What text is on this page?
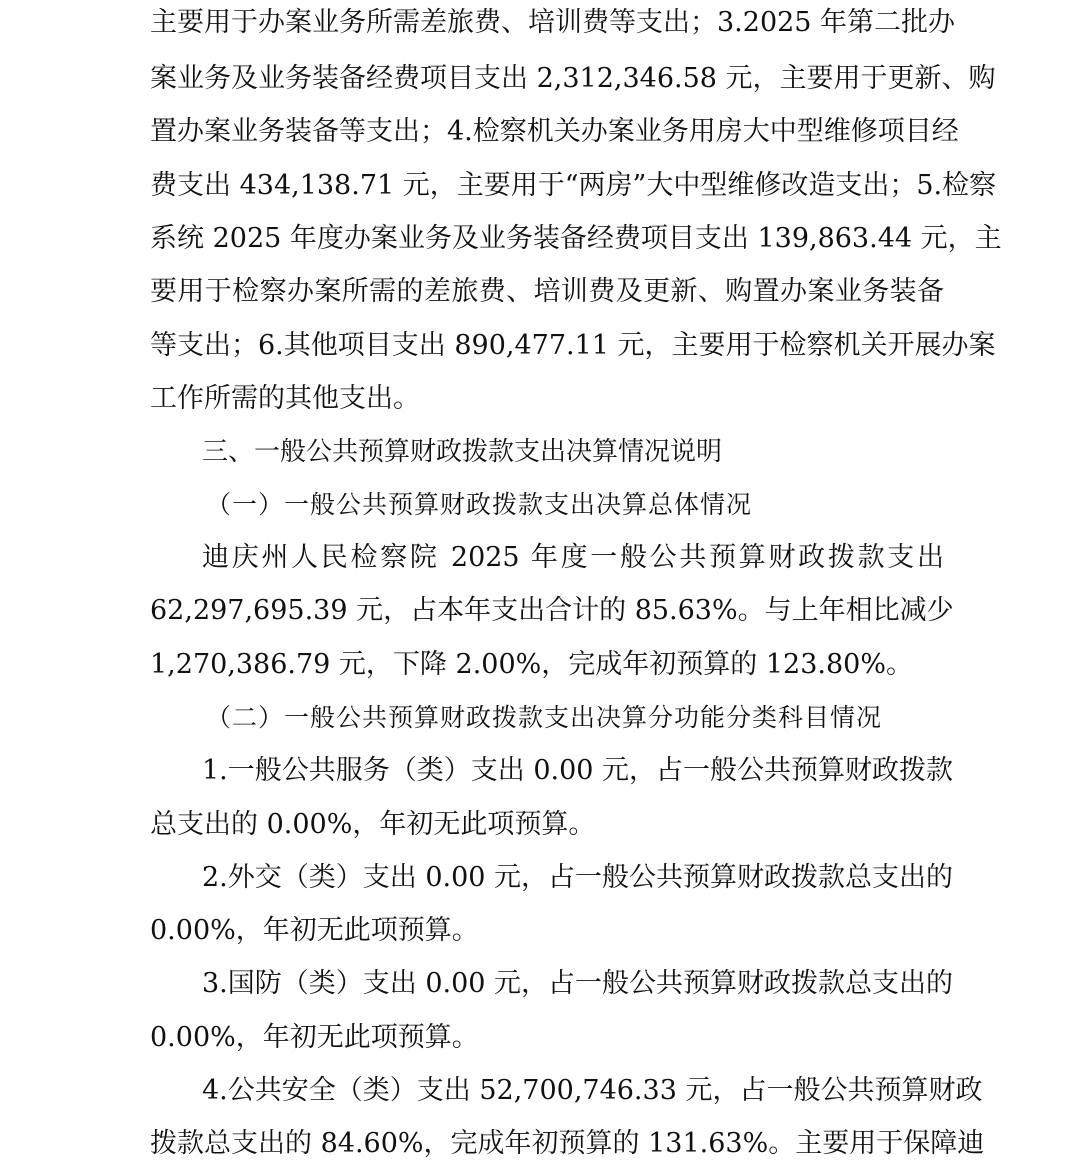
主要用于办案业务所需差旅费、培训费等支出；3.2025 年第二批办
案业务及业务装备经费项目支出 2,312,346.58 元，主要用于更新、购
置办案业务装备等支出；4.检察机关办案业务用房大中型维修项目经
费支出 434,138.71 元，主要用于“两房”大中型维修改造支出；5.检察
系统 2025 年度办案业务及业务装备经费项目支出 139,863.44 元，主
要用于检察办案所需的差旅费、培训费及更新、购置办案业务装备
等支出；6.其他项目支出 890,477.11 元，主要用于检察机关开展办案
工作所需的其他支出。
三、一般公共预算财政拨款支出决算情况说明
（一）一般公共预算财政拨款支出决算总体情况
迪庆州人民检察院 2025 年度一般公共预算财政拨款支出
62,297,695.39 元，占本年支出合计的 85.63%。与上年相比减少
1,270,386.79 元，下降 2.00%，完成年初预算的 123.80%。
（二）一般公共预算财政拨款支出决算分功能分类科目情况
1.一般公共服务（类）支出 0.00 元，占一般公共预算财政拨款
总支出的 0.00%，年初无此项预算。
2.外交（类）支出 0.00 元，占一般公共预算财政拨款总支出的
0.00%，年初无此项预算。
3.国防（类）支出 0.00 元，占一般公共预算财政拨款总支出的
0.00%，年初无此项预算。
4.公共安全（类）支出 52,700,746.33 元，占一般公共预算财政
拨款总支出的 84.60%，完成年初预算的 131.63%。主要用于保障迪
